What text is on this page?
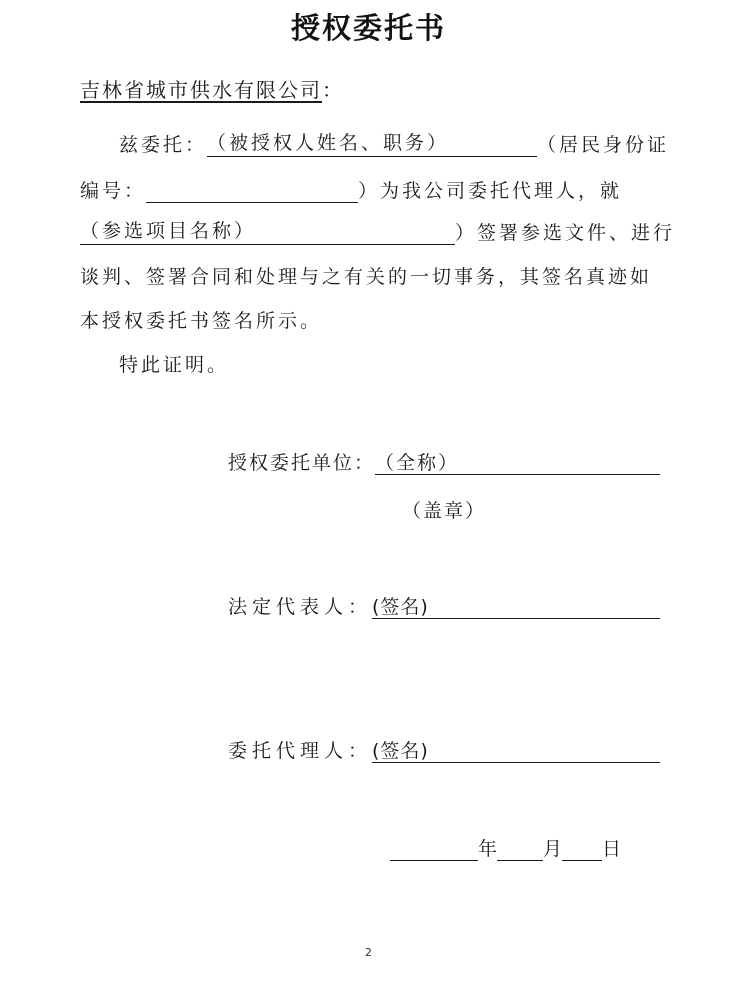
授权委托书
吉林省城市供水有限公司：
兹委托：（被授权人姓名、职务）	（居民身份证
编号：	）为我公司委托代理人，就
（参选项目名称）	）签署参选文件、进行
谈判、签署合同和处理与之有关的一切事务，其签名真迹如
本授权委托书签名所示。
特此证明。
授权委托单位：（全称）
（盖章）
法定代表人：(签名)
委托代理人：(签名)
年 月 日
2
